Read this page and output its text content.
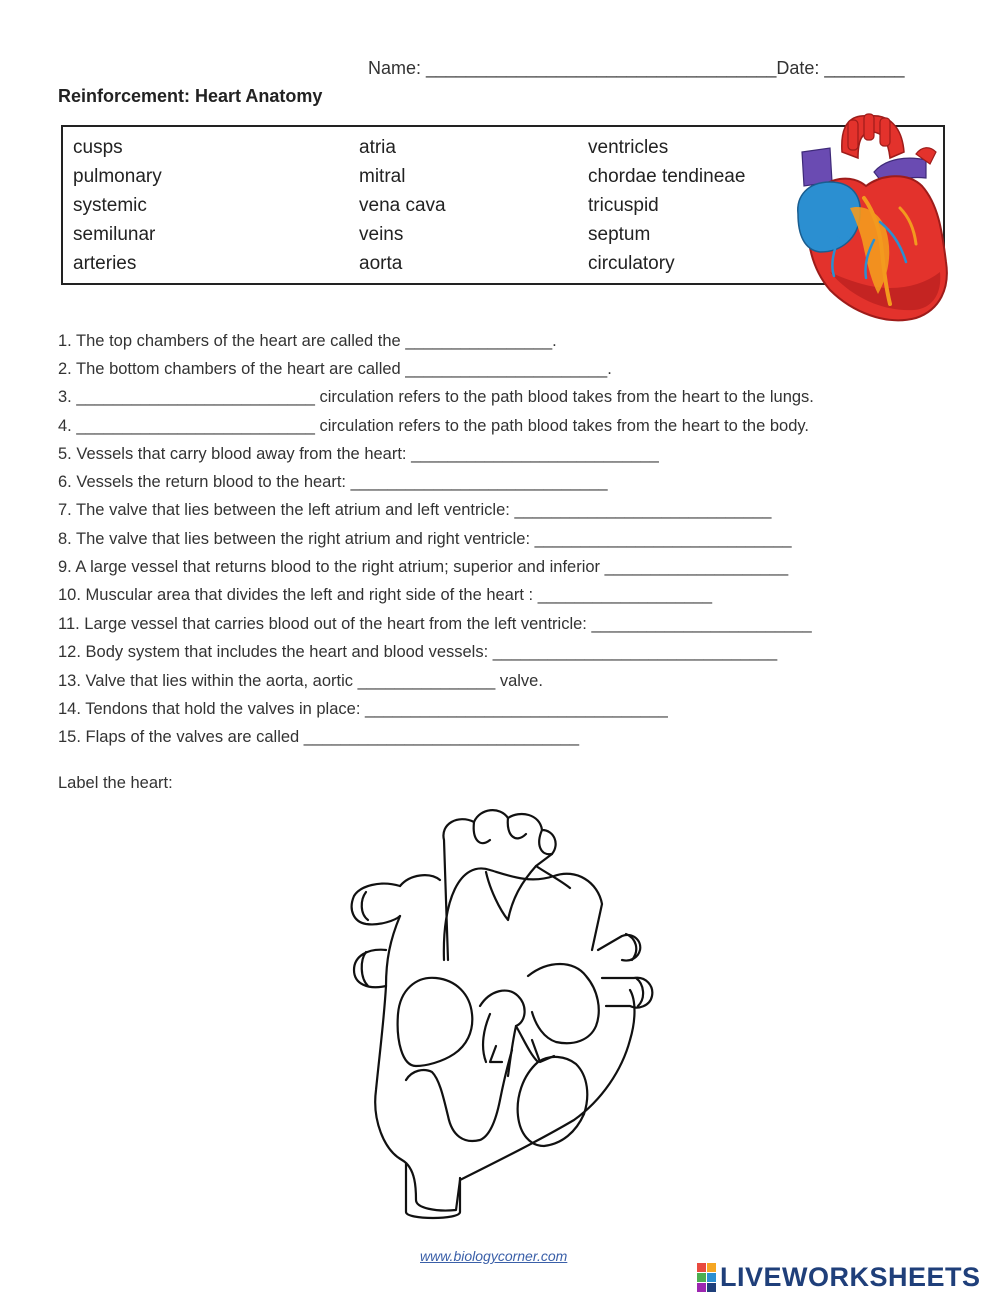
Name: ___________________________________Date: ________
Reinforcement: Heart Anatomy
cusps
pulmonary
systemic
semilunar
arteries
atria
mitral
vena cava
veins
aorta
ventricles
chordae tendineae
tricuspid
septum
circulatory
1. The top chambers of the heart are called the ________________.
2. The bottom chambers of the heart are called ______________________.
3. __________________________ circulation refers to the path blood takes from the heart to the lungs.
4. __________________________ circulation refers to the path blood takes from the heart to the body.
5. Vessels that carry blood away from the heart: ___________________________
6. Vessels the return blood to the heart: ____________________________
7. The valve that lies between the left atrium and left ventricle: ____________________________
8. The valve that lies between the right atrium and right ventricle: ____________________________
9. A large vessel that returns blood to the right atrium; superior and inferior ____________________
10. Muscular area that divides the left and right side of the heart : ___________________
11. Large vessel that carries blood out of the heart from the left ventricle: ________________________
12. Body system that includes the heart and blood vessels: _______________________________
13. Valve that lies within the aorta, aortic _______________ valve.
14. Tendons that hold the valves in place: _________________________________
15. Flaps of the valves are called ______________________________
Label the heart:
www.biologycorner.com
LIVEWORKSHEETS
